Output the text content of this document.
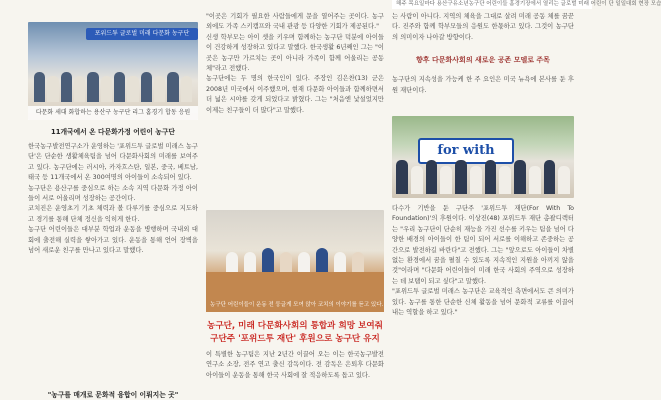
해주 목요일마다 용산구유소년농구단 어린이들 홈경기장에서 열리는 글로벌 미래 어린이 단 일일대회 현장 모습
포위드투 글로벌 미래 다문화 농구단
다문화 세대 화합하는 용산구 농구단 리그 홈경기 합동 응원
11개국에서 온 다문화가정 어린이 농구단

한국농구발전연구소가 운영하는 '포위드투 글로벌 미래스 농구단'은 단순한 생활체육팀을 넘어 다문화사회의 미래를 보여주고 있다. 농구단에는 러시아, 카자흐스탄, 일본, 중국, 베트남, 태국 등 11개국에서 온 300여명의 아이들이 소속되어 있다.

농구단은 용산구를 중심으로 하는 소속 지역 다문화 가정 아이들이 서로 어울리며 성장하는 공간이다.

코치진은 운영초기 기초 체력과 볼 다루기를 중심으로 지도하고 경기를 통해 단체 정신을 익히게 한다.

농구단 어린이들은 대부분 학업과 운동을 병행하며 국내외 대회에 출전해 실력을 쌓아가고 있다. 운동을 통해 언어 장벽을 넘어 새로운 친구를 만나고 있다고 말했다.

"농구를 매개로 문화적 융합이 이뤄지는 곳"

"이곳은 기회가 필요한 사람들에게 문을 열어주는 곳이다. 농구 외에도 가족 스키캠프와 국내 관광 등 다양한 기회가 제공된다."

신생 학부모는 아이 셋을 키우며 함께하는 농구단 덕분에 아이들이 건강하게 성장하고 있다고 말했다. 한국생활 6년째인 그는 "이곳은 농구만 가르치는 곳이 아니라 가족이 함께 어울리는 공동체"라고 전했다.

농구단에는 두 명의 한국인이 있다. 주장인 김은찬(13) 군은 2008년 미국에서 이주했으며, 현재 다문화 아이들과 함께하면서 더 넓은 시야를 갖게 되었다고 밝혔다. 그는 "처음엔 낯설었지만 이제는 친구들이 더 많다"고 말했다.

농구단 어린이들이 운동 전 둥글게 모여 앉아 코치의 이야기를 듣고 있다.
농구단, 미래 다문화사회의 통합과 희망 보여줘 구단주 '포위드투 재단' 후원으로 농구단 유지

이 특별한 농구팀은 지난 2년간 이끌어 오는 이는 한국농구발전연구소 소장, 전주 연고 출신 감독이다. 전 감독은 은퇴후 다문화 아이들이 운동을 통해 한국 사회에 잘 적응하도록 돕고 있다.

는 사람이 아니다. 지역의 체육을 그대로 살려 미래 공동 체를 꿈꾼다. 진주와 함께 학부모들의 응원도 한몫하고 있다. 그것이 농구단의 의미이자 나아갈 방향이다.

향후 다문화사회의 새로운 공존 모델로 주목

농구단의 지속성을 가능케 한 주 요인은 미국 뉴욕에 본사를 둔 후원 재단이다.

for with

다수가 기반을 둔 구단주 '포위드투 재단(For With To Foundation)'의 후원이다. 이상진(48) 포위드투 재단 총괄디렉터는 "우리 농구단이 단순히 재능을 가진 선수를 키우는 팀을 넘어 다양한 배경의 아이들이 한 팀이 되어 서로를 이해하고 존중하는 공간으로 발전하길 바란다"고 전했다. 그는 "앞으로도 아이들이 차별 없는 환경에서 꿈을 펼칠 수 있도록 지속적인 지원을 아끼지 않을 것"이라며 "다문화 어린이들이 미래 한국 사회의 주역으로 성장하는 데 보탬이 되고 싶다"고 말했다.

"포위드투 글로벌 미래스 농구단은 교육적인 측면에서도 큰 의미가 있다. 농구를 통한 단순한 신체 활동을 넘어 문화적 교류를 이끌어내는 역할을 하고 있다."
